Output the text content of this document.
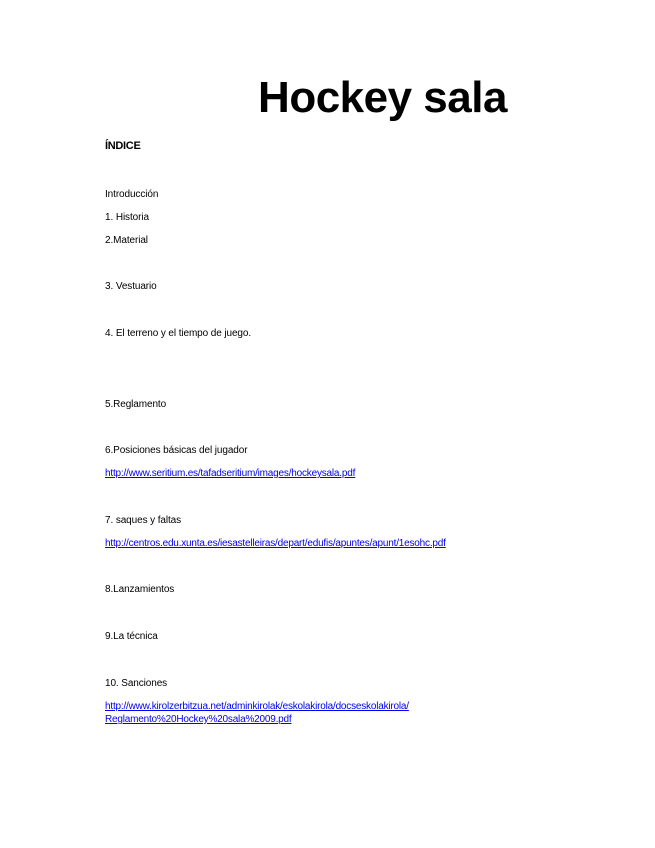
Hockey sala
ÍNDICE
Introducción
1. Historia
2.Material
3. Vestuario
4. El terreno y el tiempo de juego.
5.Reglamento
6.Posiciones básicas del jugador
http://www.seritium.es/tafadseritium/images/hockeysala.pdf
7. saques y faltas
http://centros.edu.xunta.es/iesastelleiras/depart/edufis/apuntes/apunt/1esohc.pdf
8.Lanzamientos
9.La técnica
10. Sanciones
http://www.kirolzerbitzua.net/adminkirolak/eskolakirola/docseskolakirola/
Reglamento%20Hockey%20sala%2009.pdf
